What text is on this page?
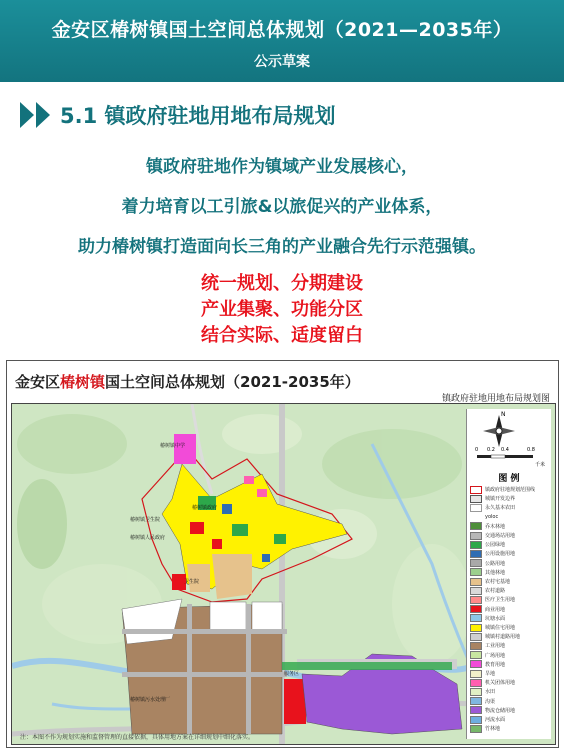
金安区椿树镇国土空间总体规划（2021—2035年）
公示草案
5.1 镇政府驻地用地布局规划
镇政府驻地作为镇域产业发展核心，
着力培育以工引旅&以旅促兴的产业体系，
助力椿树镇打造面向长三角的产业融合先行示范强镇。
统一规划、分期建设
产业集聚、功能分区
结合实际、适度留白
金安区椿树镇国土空间总体规划（2021-2035年）
镇政府驻地用地布局规划图
椿树镇中学
椿树镇卫生院
椿树镇政府
椿树镇人民政府
卫生院
椿树镇污水处理厂
服务区
注：本图不作为规划实施和监督管理的直接依据，具体用地方案在详细规划中细化落实。
N
0 0.2 0.4	0.8
千米
图 例
镇政府驻地规划范围线
城镇开发边界
永久基本农田
yoloc
乔木林地
交通场站用地
公园绿地
公用设施用地
公路用地
其他林地
农村宅基地
农村道路
医疗卫生用地
商业用地
坑塘水面
城镇住宅用地
城镇村道路用地
工业用地
广场用地
教育用地
旱地
机关团体用地
水田
沟渠
物流仓储用地
河流水面
竹林地
